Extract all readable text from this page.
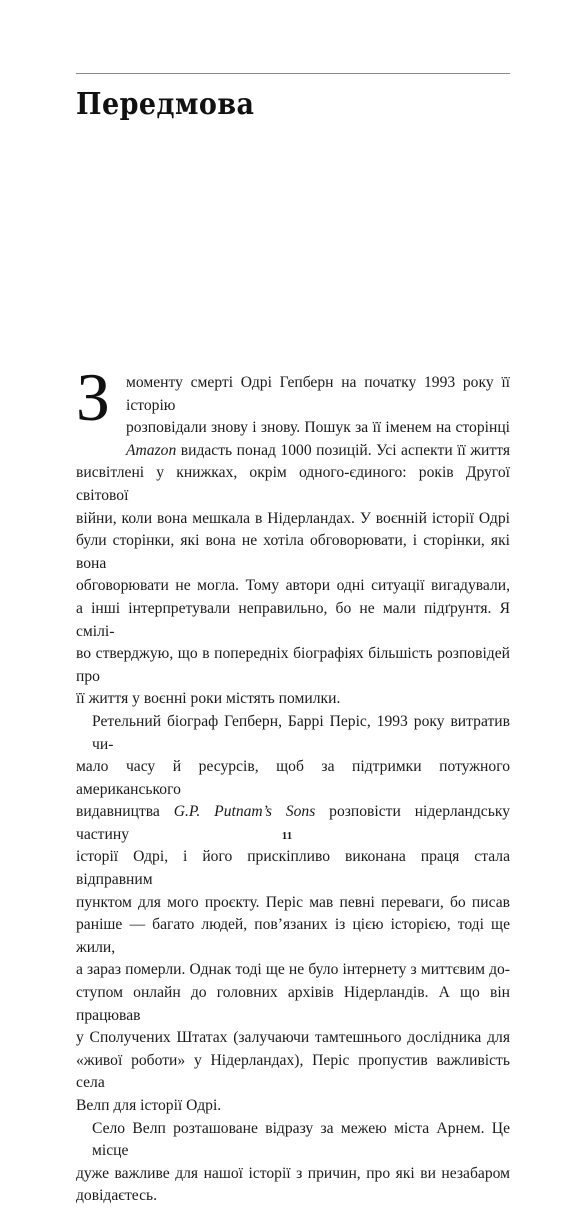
Передмова
З	моменту смерті Одрі Гепберн на початку 1993 року її історію
розповідали знову і знову. Пошук за її іменем на сторінці
Amazon видасть понад 1000 позицій. Усі аспекти її життя
висвітлені у книжках, окрім одного-єдиного: років Другої світової
війни, коли вона мешкала в Нідерландах. У воєнній історії Одрі
були сторінки, які вона не хотіла обговорювати, і сторінки, які вона
обговорювати не могла. Тому автори одні ситуації вигадували,
а інші інтерпретували неправильно, бо не мали підґрунтя. Я смілі-
во стверджую, що в попередніх біографіях більшість розповідей про
її життя у воєнні роки містять помилки.
Ретельний біограф Гепберн, Баррі Періс, 1993 року витратив чи-
мало часу й ресурсів, щоб за підтримки потужного американського
видавництва G.P. Putnam’s Sons розповісти нідерландську частину
історії Одрі, і його прискіпливо виконана праця стала відправним
пунктом для мого проєкту. Періс мав певні переваги, бо писав
раніше — багато людей, пов’язаних із цією історією, тоді ще жили,
а зараз померли. Однак тоді ще не було інтернету з миттєвим до-
ступом онлайн до головних архівів Нідерландів. А що він працював
у Сполучених Штатах (залучаючи тамтешнього дослідника для
«живої роботи» у Нідерландах), Періс пропустив важливість села
Велп для історії Одрі.
Село Велп розташоване відразу за межею міста Арнем. Це місце
дуже важливе для нашої історії з причин, про які ви незабаром
довідаєтесь.
11
